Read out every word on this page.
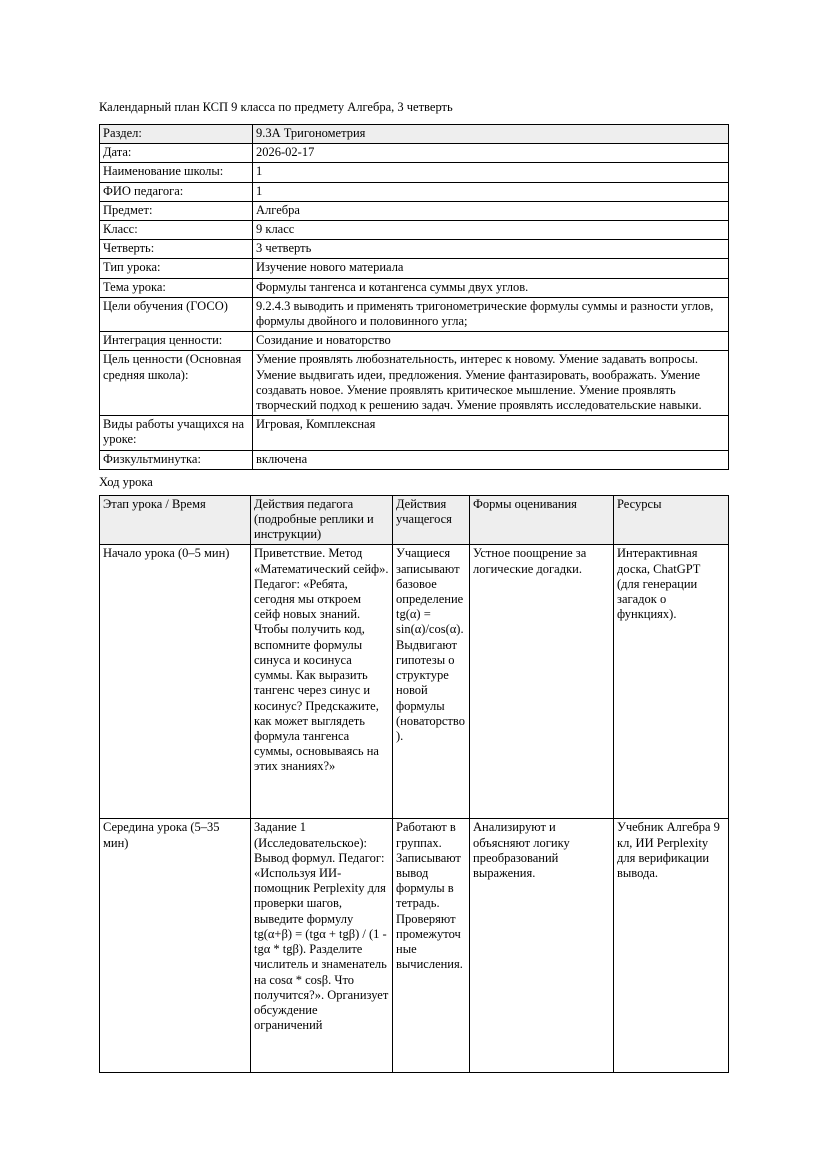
Календарный план КСП 9 класса по предмету Алгебра, 3 четверть
Раздел:	9.3А Тригонометрия
Дата:	2026-02-17
Наименование школы:	1
ФИО педагога:	1
Предмет:	Алгебра
Класс:	9 класс
Четверть:	3 четверть
Тип урока:	Изучение нового материала
Тема урока:	Формулы тангенса и котангенса суммы двух углов.
Цели обучения (ГОСО)	9.2.4.3 выводить и применять тригонометрические формулы суммы и разности углов, формулы двойного и половинного угла;
Интеграция ценности:	Созидание и новаторство
Цель ценности (Основная средняя школа):	Умение проявлять любознательность, интерес к новому. Умение задавать вопросы. Умение выдвигать идеи, предложения. Умение фантазировать, воображать. Умение создавать новое. Умение проявлять критическое мышление. Умение проявлять творческий подход к решению задач. Умение проявлять исследовательские навыки.
Виды работы учащихся на уроке:	Игровая, Комплексная
Физкультминутка:	включена
Ход урока
Этап урока / Время	Действия педагога (подробные реплики и инструкции)	Действия учащегося	Формы оценивания	Ресурсы
Начало урока (0–5 мин)	Приветствие. Метод «Математический сейф». Педагог: «Ребята, сегодня мы откроем сейф новых знаний. Чтобы получить код, вспомните формулы синуса и косинуса суммы. Как выразить тангенс через синус и косинус? Предскажите, как может выглядеть формула тангенса суммы, основываясь на этих знаниях?»	Учащиеся записывают базовое определение tg(α) = sin(α)/cos(α). Выдвигают гипотезы о структуре новой формулы (новаторство).	Устное поощрение за логические догадки.	Интерактивная доска, ChatGPT (для генерации загадок о функциях).
Середина урока (5–35 мин)	Задание 1 (Исследовательское): Вывод формул. Педагог: «Используя ИИ-помощник Perplexity для проверки шагов, выведите формулу tg(α+β) = (tgα + tgβ) / (1 - tgα * tgβ). Разделите числитель и знаменатель на cosα * cosβ. Что получится?». Организует обсуждение ограничений	Работают в группах. Записывают вывод формулы в тетрадь. Проверяют промежуточные вычисления.	Анализируют и объясняют логику преобразований выражения.	Учебник Алгебра 9 кл, ИИ Perplexity для верификации вывода.
